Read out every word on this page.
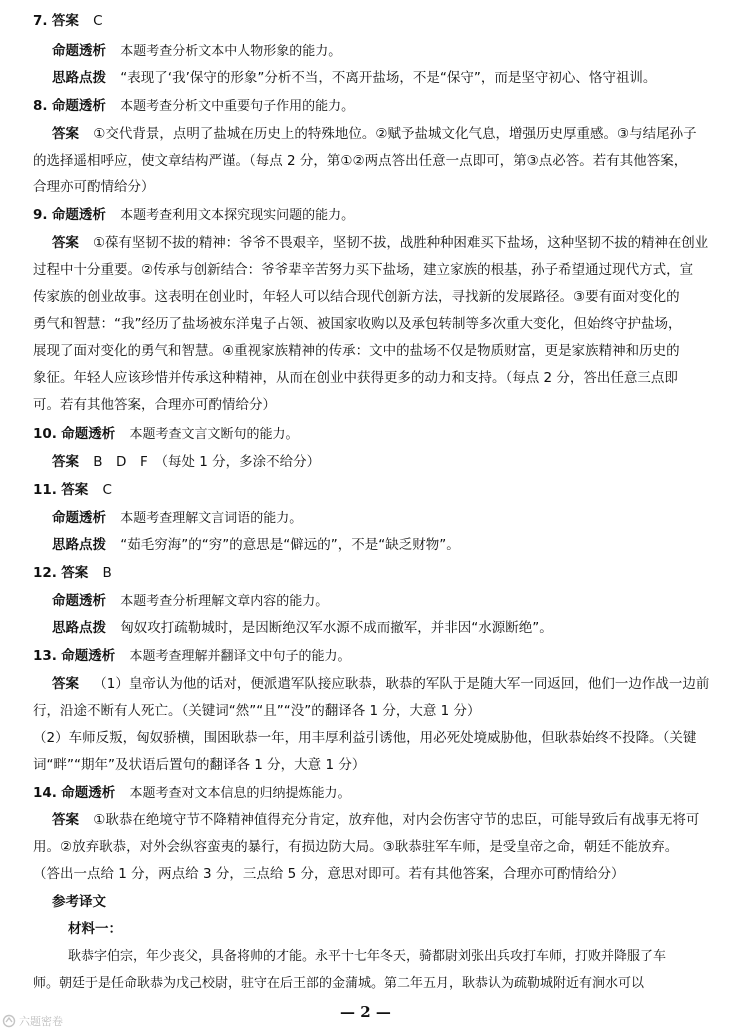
7. 答案 C
命题透析 本题考查分析文本中人物形象的能力。
思路点拨 “表现了‘我’保守的形象”分析不当，不离开盐场，不是“保守”，而是坚守初心、恪守祖训。
8. 命题透析 本题考查分析文中重要句子作用的能力。
答案 ①交代背景，点明了盐城在历史上的特殊地位。②赋予盐城文化气息，增强历史厚重感。③与结尾孙子
的选择遥相呼应，使文章结构严谨。（每点 2 分，第①②两点答出任意一点即可，第③点必答。若有其他答案，
合理亦可酌情给分）
9. 命题透析 本题考查利用文本探究现实问题的能力。
答案 ①葆有坚韧不拔的精神：爷爷不畏艰辛，坚韧不拔，战胜种种困难买下盐场，这种坚韧不拔的精神在创业
过程中十分重要。②传承与创新结合：爷爷辈辛苦努力买下盐场，建立家族的根基，孙子希望通过现代方式，宣
传家族的创业故事。这表明在创业时，年轻人可以结合现代创新方法，寻找新的发展路径。③要有面对变化的
勇气和智慧：“我”经历了盐场被东洋鬼子占领、被国家收购以及承包转制等多次重大变化，但始终守护盐场，
展现了面对变化的勇气和智慧。④重视家族精神的传承：文中的盐场不仅是物质财富，更是家族精神和历史的
象征。年轻人应该珍惜并传承这种精神，从而在创业中获得更多的动力和支持。（每点 2 分，答出任意三点即
可。若有其他答案，合理亦可酌情给分）
10. 命题透析 本题考查文言文断句的能力。
答案 B　D　F　（每处 1 分，多涂不给分）
11. 答案 C
命题透析 本题考查理解文言词语的能力。
思路点拨 “茹毛穷海”的“穷”的意思是“僻远的”，不是“缺乏财物”。
12. 答案 B
命题透析 本题考查分析理解文章内容的能力。
思路点拨 匈奴攻打疏勒城时，是因断绝汉军水源不成而撤军，并非因“水源断绝”。
13. 命题透析 本题考查理解并翻译文中句子的能力。
答案 （1）皇帝认为他的话对，便派遣军队接应耿恭，耿恭的军队于是随大军一同返回，他们一边作战一边前
行，沿途不断有人死亡。（关键词“然”“且”“没”的翻译各 1 分，大意 1 分）
（2）车师反叛，匈奴骄横，围困耿恭一年，用丰厚利益引诱他，用必死处境威胁他，但耿恭始终不投降。（关键
词“畔”“期年”及状语后置句的翻译各 1 分，大意 1 分）
14. 命题透析 本题考查对文本信息的归纳提炼能力。
答案 ①耿恭在绝境守节不降精神值得充分肯定，放弃他，对内会伤害守节的忠臣，可能导致后有战事无将可
用。②放弃耿恭，对外会纵容蛮夷的暴行，有损边防大局。③耿恭驻军车师，是受皇帝之命，朝廷不能放弃。
（答出一点给 1 分，两点给 3 分，三点给 5 分，意思对即可。若有其他答案，合理亦可酌情给分）
参考译文
材料一：
耿恭字伯宗，年少丧父，具备将帅的才能。永平十七年冬天，骑都尉刘张出兵攻打车师，打败并降服了车
师。朝廷于是任命耿恭为戊己校尉，驻守在后王部的金蒲城。第二年五月，耿恭认为疏勒城附近有涧水可以
— 2 —
六题密卷
